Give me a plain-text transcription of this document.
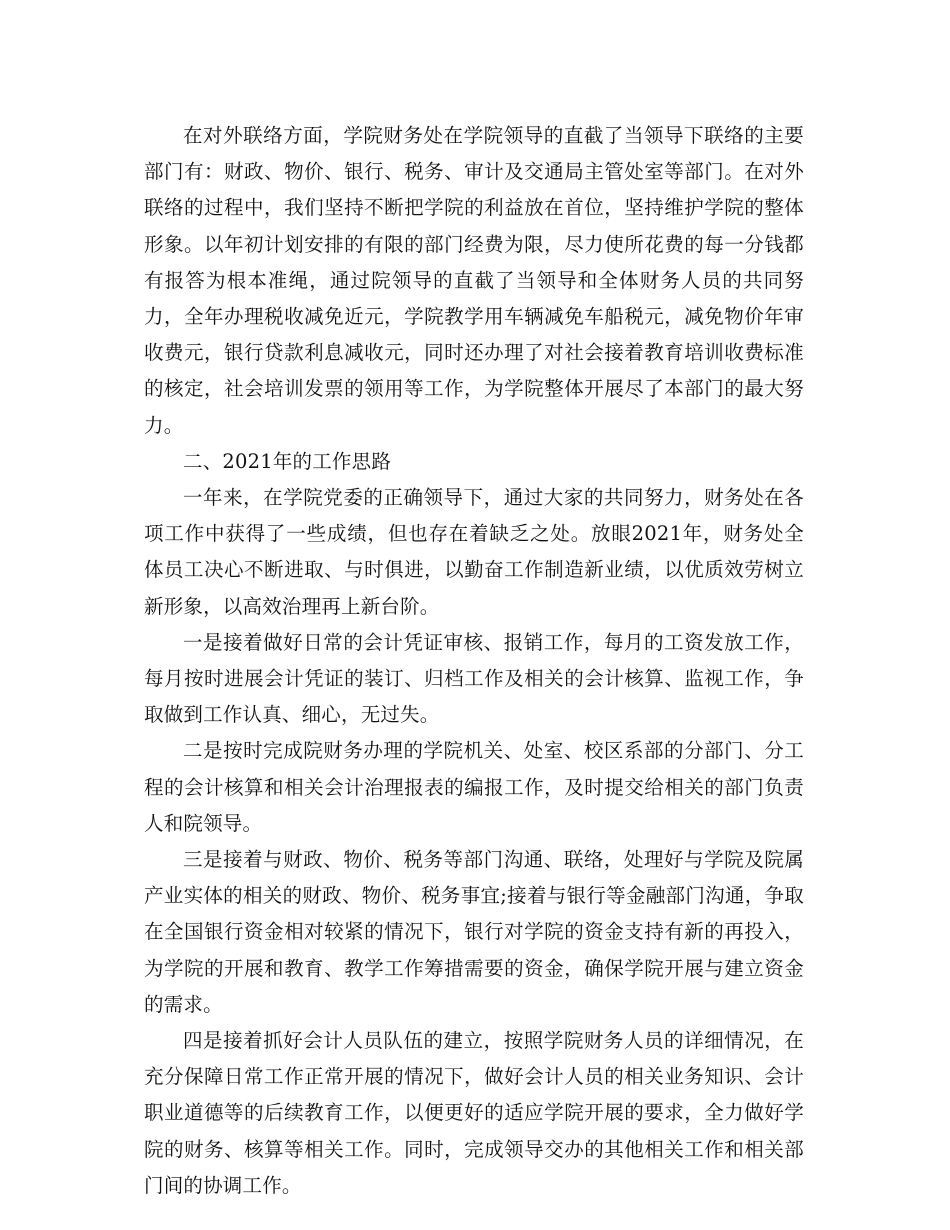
在对外联络方面，学院财务处在学院领导的直截了当领导下联络的主要部门有：财政、物价、银行、税务、审计及交通局主管处室等部门。在对外联络的过程中，我们坚持不断把学院的利益放在首位，坚持维护学院的整体形象。以年初计划安排的有限的部门经费为限，尽力使所花费的每一分钱都有报答为根本准绳，通过院领导的直截了当领导和全体财务人员的共同努力，全年办理税收减免近元，学院教学用车辆减免车船税元，减免物价年审收费元，银行贷款利息减收元，同时还办理了对社会接着教育培训收费标准的核定，社会培训发票的领用等工作，为学院整体开展尽了本部门的最大努力。

二、2021年的工作思路

一年来，在学院党委的正确领导下，通过大家的共同努力，财务处在各项工作中获得了一些成绩，但也存在着缺乏之处。放眼2021年，财务处全体员工决心不断进取、与时俱进，以勤奋工作制造新业绩，以优质效劳树立新形象，以高效治理再上新台阶。

一是接着做好日常的会计凭证审核、报销工作，每月的工资发放工作，每月按时进展会计凭证的装订、归档工作及相关的会计核算、监视工作，争取做到工作认真、细心，无过失。

二是按时完成院财务办理的学院机关、处室、校区系部的分部门、分工程的会计核算和相关会计治理报表的编报工作，及时提交给相关的部门负责人和院领导。

三是接着与财政、物价、税务等部门沟通、联络，处理好与学院及院属产业实体的相关的财政、物价、税务事宜;接着与银行等金融部门沟通，争取在全国银行资金相对较紧的情况下，银行对学院的资金支持有新的再投入，为学院的开展和教育、教学工作筹措需要的资金，确保学院开展与建立资金的需求。

四是接着抓好会计人员队伍的建立，按照学院财务人员的详细情况，在充分保障日常工作正常开展的情况下，做好会计人员的相关业务知识、会计职业道德等的后续教育工作，以便更好的适应学院开展的要求，全力做好学院的财务、核算等相关工作。同时，完成领导交办的其他相关工作和相关部门间的协调工作。
